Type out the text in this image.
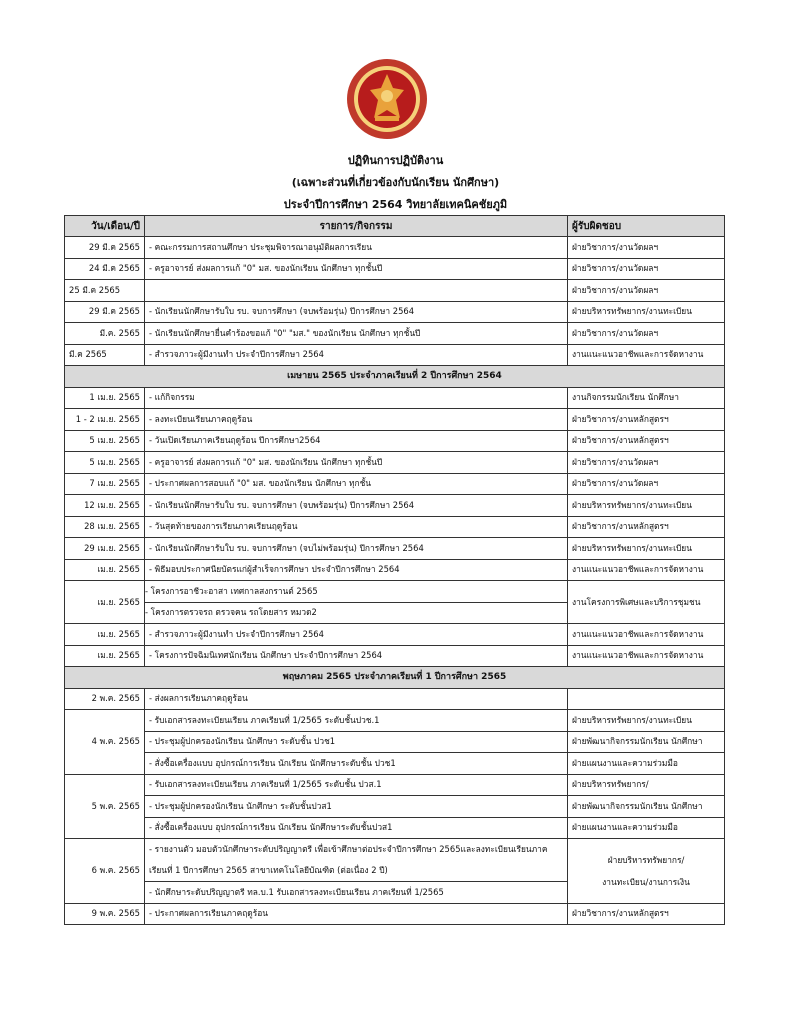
ปฏิทินการปฏิบัติงาน
(เฉพาะส่วนที่เกี่ยวข้องกับนักเรียน นักศึกษา)
ประจำปีการศึกษา 2564 วิทยาลัยเทคนิคชัยภูมิ
วัน/เดือน/ปี	รายการ/กิจกรรม	ผู้รับผิดชอบ
29 มี.ค 2565	- คณะกรรมการสถานศึกษา ประชุมพิจารณาอนุมัติผลการเรียน	ฝ่ายวิชาการ/งานวัดผลฯ
24 มี.ค 2565	- ครูอาจารย์ ส่งผลการแก้ "0" มส. ของนักเรียน นักศึกษา ทุกชั้นปี	ฝ่ายวิชาการ/งานวัดผลฯ
25 มี.ค 2565		ฝ่ายวิชาการ/งานวัดผลฯ
29 มี.ค 2565	- นักเรียนนักศึกษารับใบ รบ. จบการศึกษา (จบพร้อมรุ่น) ปีการศึกษา 2564	ฝ่ายบริหารทรัพยากร/งานทะเบียน
มี.ค. 2565	- นักเรียนนักศึกษายื่นคำร้องขอแก้ "0" "มส." ของนักเรียน นักศึกษา ทุกชั้นปี	ฝ่ายวิชาการ/งานวัดผลฯ
มี.ค 2565	- สำรวจภาวะผู้มีงานทำ ประจำปีการศึกษา 2564	งานแนะแนวอาชีพและการจัดหางาน
เมษายน 2565 ประจำภาคเรียนที่ 2 ปีการศึกษา 2564		
1 เม.ย. 2565	- แก้กิจกรรม	งานกิจกรรมนักเรียน นักศึกษา
1 - 2 เม.ย. 2565	- ลงทะเบียนเรียนภาคฤดูร้อน	ฝ่ายวิชาการ/งานหลักสูตรฯ
5 เม.ย. 2565	- วันเปิดเรียนภาคเรียนฤดูร้อน ปีการศึกษา2564	ฝ่ายวิชาการ/งานหลักสูตรฯ
5 เม.ย. 2565	- ครูอาจารย์ ส่งผลการแก้ "0" มส. ของนักเรียน นักศึกษา ทุกชั้นปี	ฝ่ายวิชาการ/งานวัดผลฯ
7 เม.ย. 2565	- ประกาศผลการสอบแก้ "0" มส. ของนักเรียน นักศึกษา ทุกชั้น	ฝ่ายวิชาการ/งานวัดผลฯ
12 เม.ย. 2565	- นักเรียนนักศึกษารับใบ รบ. จบการศึกษา (จบพร้อมรุ่น) ปีการศึกษา 2564	ฝ่ายบริหารทรัพยากร/งานทะเบียน
28 เม.ย. 2565	- วันสุดท้ายของการเรียนภาคเรียนฤดูร้อน	ฝ่ายวิชาการ/งานหลักสูตรฯ
29 เม.ย. 2565	- นักเรียนนักศึกษารับใบ รบ. จบการศึกษา (จบไม่พร้อมรุ่น) ปีการศึกษา 2564	ฝ่ายบริหารทรัพยากร/งานทะเบียน
เม.ย. 2565	- พิธีมอบประกาศนียบัตรแก่ผู้สำเร็จการศึกษา ประจำปีการศึกษา 2564	งานแนะแนวอาชีพและการจัดหางาน
เม.ย. 2565	- โครงการอาชีวะอาสา เทศกาลสงกรานต์ 2565	งานโครงการพิเศษและบริการชุมชน
	- โครงการตรวจรถ ตรวจคน รถโดยสาร หมวด2	
เม.ย. 2565	- สำรวจภาวะผู้มีงานทำ ประจำปีการศึกษา 2564	งานแนะแนวอาชีพและการจัดหางาน
เม.ย. 2565	- โครงการปัจฉิมนิเทศนักเรียน นักศึกษา ประจำปีการศึกษา 2564	งานแนะแนวอาชีพและการจัดหางาน
พฤษภาคม 2565 ประจำภาคเรียนที่ 1 ปีการศึกษา 2565		
2 พ.ค. 2565	- ส่งผลการเรียนภาคฤดูร้อน	
4 พ.ค. 2565	- รับเอกสารลงทะเบียนเรียน ภาคเรียนที่ 1/2565 ระดับชั้นปวช.1	ฝ่ายบริหารทรัพยากร/งานทะเบียน
	- ประชุมผู้ปกครองนักเรียน นักศึกษา ระดับชั้น ปวช1	ฝ่ายพัฒนากิจกรรมนักเรียน นักศึกษา
	- สั่งซื้อเครื่องแบบ อุปกรณ์การเรียน นักเรียน นักศึกษาระดับชั้น ปวช1	ฝ่ายแผนงานและความร่วมมือ
5 พ.ค. 2565	- รับเอกสารลงทะเบียนเรียน ภาคเรียนที่ 1/2565 ระดับชั้น ปวส.1	ฝ่ายบริหารทรัพยากร/
	- ประชุมผู้ปกครองนักเรียน นักศึกษา ระดับชั้นปวส1	ฝ่ายพัฒนากิจกรรมนักเรียน นักศึกษา
	- สั่งซื้อเครื่องแบบ อุปกรณ์การเรียน นักเรียน นักศึกษาระดับชั้นปวส1	ฝ่ายแผนงานและความร่วมมือ
6 พ.ค. 2565	- รายงานตัว มอบตัวนักศึกษาระดับปริญญาตรี เพื่อเข้าศึกษาต่อประจำปีการศึกษา 2565และลงทะเบียนเรียนภาคเรียนที่ 1 ปีการศึกษา 2565 สาขาเทคโนโลยีบัณฑิต (ต่อเนื่อง 2 ปี)	ฝ่ายบริหารทรัพยากร/
งานทะเบียน/งานการเงิน

	- นักศึกษาระดับปริญญาตรี ทล.บ.1 รับเอกสารลงทะเบียนเรียน ภาคเรียนที่ 1/2565	
9 พ.ค. 2565	- ประกาศผลการเรียนภาคฤดูร้อน	ฝ่ายวิชาการ/งานหลักสูตรฯ
